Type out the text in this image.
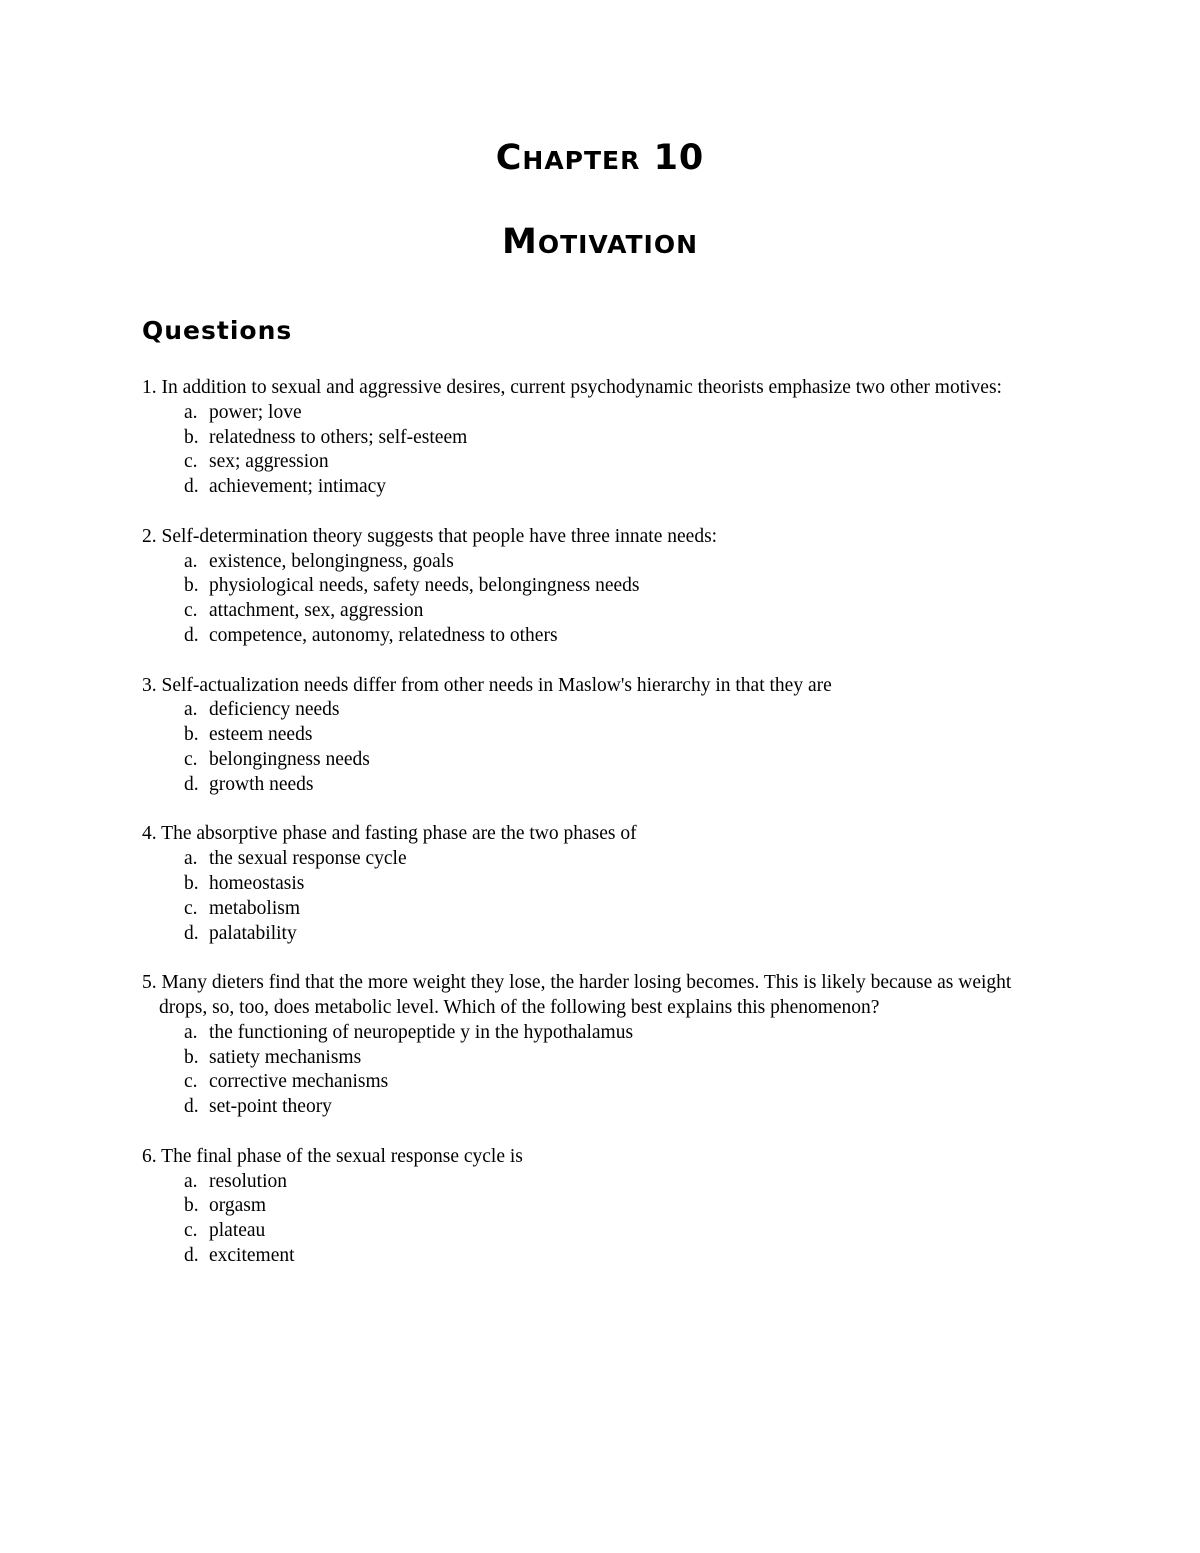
Chapter 10
Motivation
Questions
1. In addition to sexual and aggressive desires, current psychodynamic theorists emphasize two other motives:
a. power; love
b. relatedness to others; self-esteem
c. sex; aggression
d. achievement; intimacy
2. Self-determination theory suggests that people have three innate needs:
a. existence, belongingness, goals
b. physiological needs, safety needs, belongingness needs
c. attachment, sex, aggression
d. competence, autonomy, relatedness to others
3. Self-actualization needs differ from other needs in Maslow's hierarchy in that they are
a. deficiency needs
b. esteem needs
c. belongingness needs
d. growth needs
4. The absorptive phase and fasting phase are the two phases of
a. the sexual response cycle
b. homeostasis
c. metabolism
d. palatability
5. Many dieters find that the more weight they lose, the harder losing becomes. This is likely because as weight drops, so, too, does metabolic level. Which of the following best explains this phenomenon?
a. the functioning of neuropeptide y in the hypothalamus
b. satiety mechanisms
c. corrective mechanisms
d. set-point theory
6. The final phase of the sexual response cycle is
a. resolution
b. orgasm
c. plateau
d. excitement
